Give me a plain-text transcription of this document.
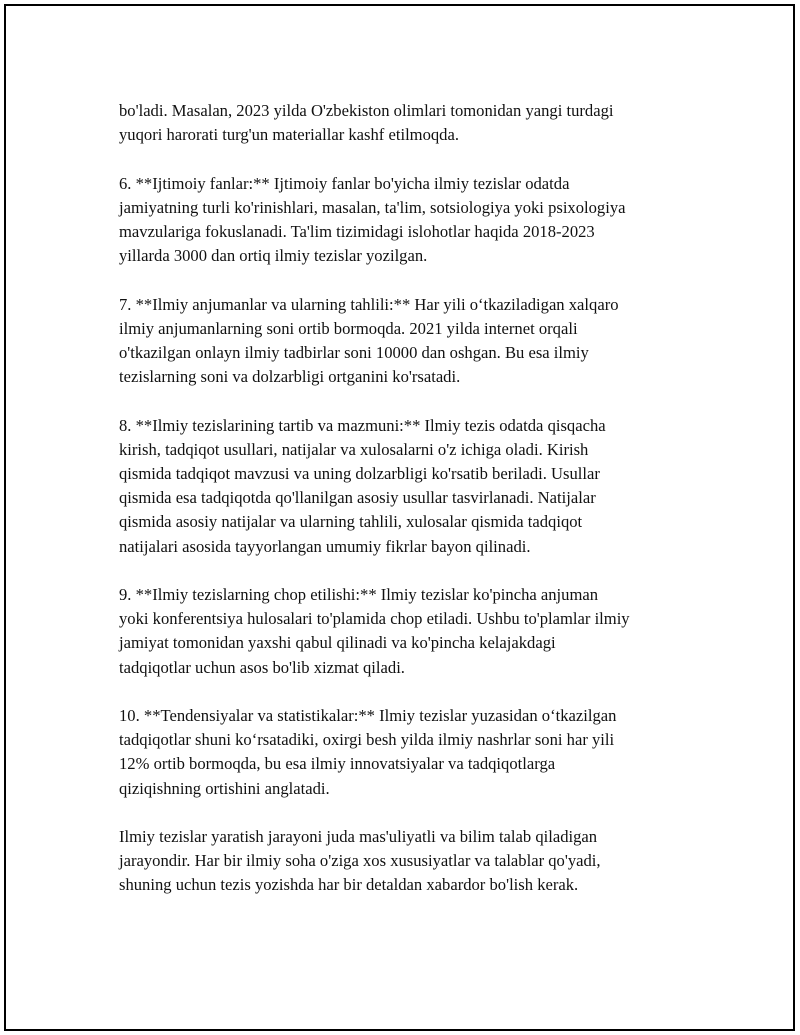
bo'ladi. Masalan, 2023 yilda O'zbekiston olimlari tomonidan yangi turdagi
yuqori harorati turg'un materiallar kashf etilmoqda.

6. **Ijtimoiy fanlar:** Ijtimoiy fanlar bo'yicha ilmiy tezislar odatda
jamiyatning turli ko'rinishlari, masalan, ta'lim, sotsiologiya yoki psixologiya
mavzulariga fokuslanadi. Ta'lim tizimidagi islohotlar haqida 2018-2023
yillarda 3000 dan ortiq ilmiy tezislar yozilgan.

7. **Ilmiy anjumanlar va ularning tahlili:** Har yili o‘tkaziladigan xalqaro
ilmiy anjumanlarning soni ortib bormoqda. 2021 yilda internet orqali
o'tkazilgan onlayn ilmiy tadbirlar soni 10000 dan oshgan. Bu esa ilmiy
tezislarning soni va dolzarbligi ortganini ko'rsatadi.

8. **Ilmiy tezislarining tartib va mazmuni:** Ilmiy tezis odatda qisqacha
kirish, tadqiqot usullari, natijalar va xulosalarni o'z ichiga oladi. Kirish
qismida tadqiqot mavzusi va uning dolzarbligi ko'rsatib beriladi. Usullar
qismida esa tadqiqotda qo'llanilgan asosiy usullar tasvirlanadi. Natijalar
qismida asosiy natijalar va ularning tahlili, xulosalar qismida tadqiqot
natijalari asosida tayyorlangan umumiy fikrlar bayon qilinadi.

9. **Ilmiy tezislarning chop etilishi:** Ilmiy tezislar ko'pincha anjuman
yoki konferentsiya hulosalari to'plamida chop etiladi. Ushbu to'plamlar ilmiy
jamiyat tomonidan yaxshi qabul qilinadi va ko'pincha kelajakdagi
tadqiqotlar uchun asos bo'lib xizmat qiladi.

10. **Tendensiyalar va statistikalar:** Ilmiy tezislar yuzasidan o‘tkazilgan
tadqiqotlar shuni ko‘rsatadiki, oxirgi besh yilda ilmiy nashrlar soni har yili
12% ortib bormoqda, bu esa ilmiy innovatsiyalar va tadqiqotlarga
qiziqishning ortishini anglatadi.

Ilmiy tezislar yaratish jarayoni juda mas'uliyatli va bilim talab qiladigan
jarayondir. Har bir ilmiy soha o'ziga xos xususiyatlar va talablar qo'yadi,
shuning uchun tezis yozishda har bir detaldan xabardor bo'lish kerak.
